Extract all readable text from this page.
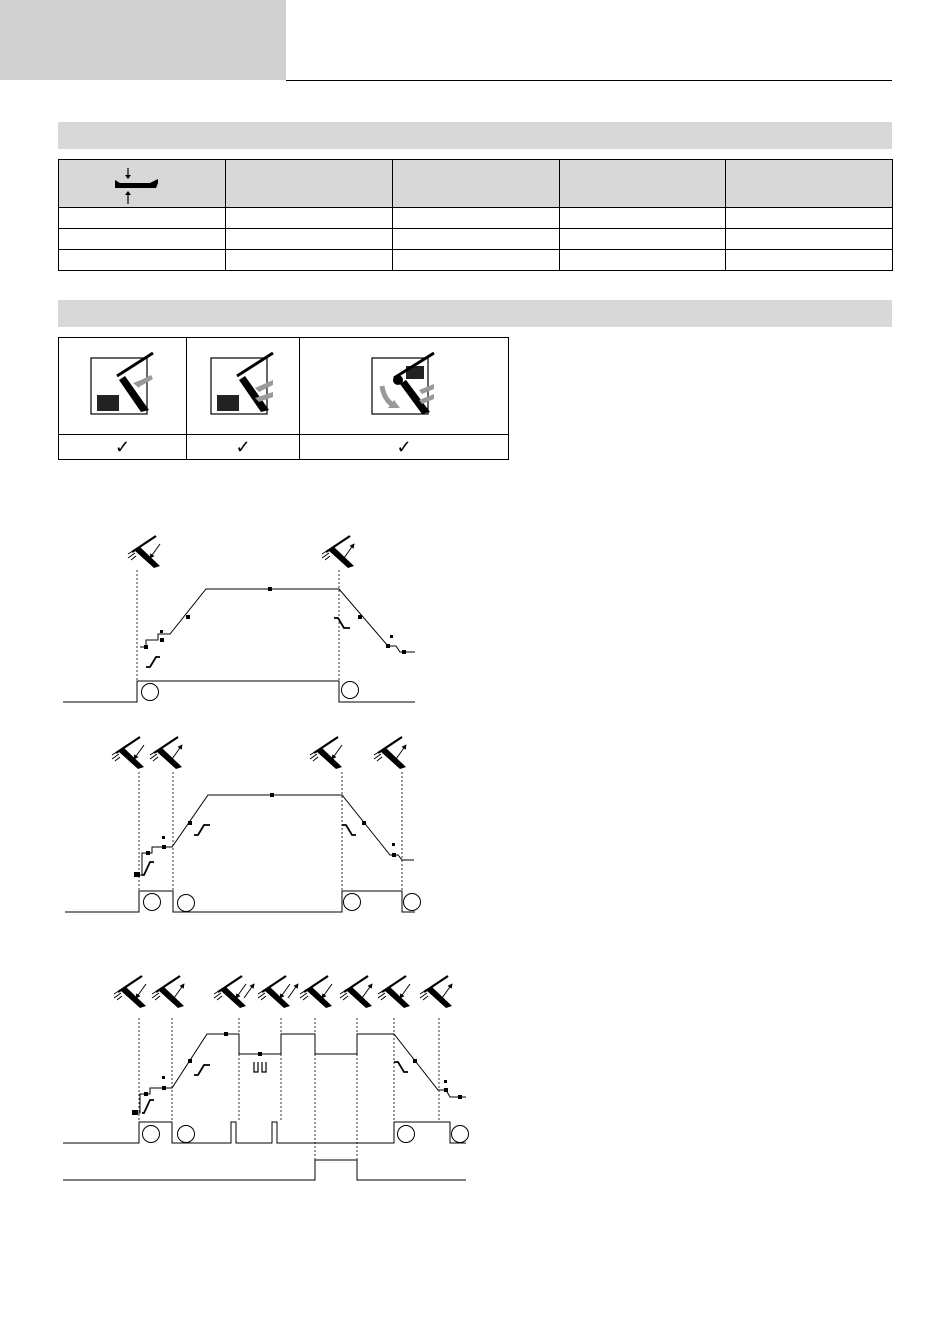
✓	✓	✓
